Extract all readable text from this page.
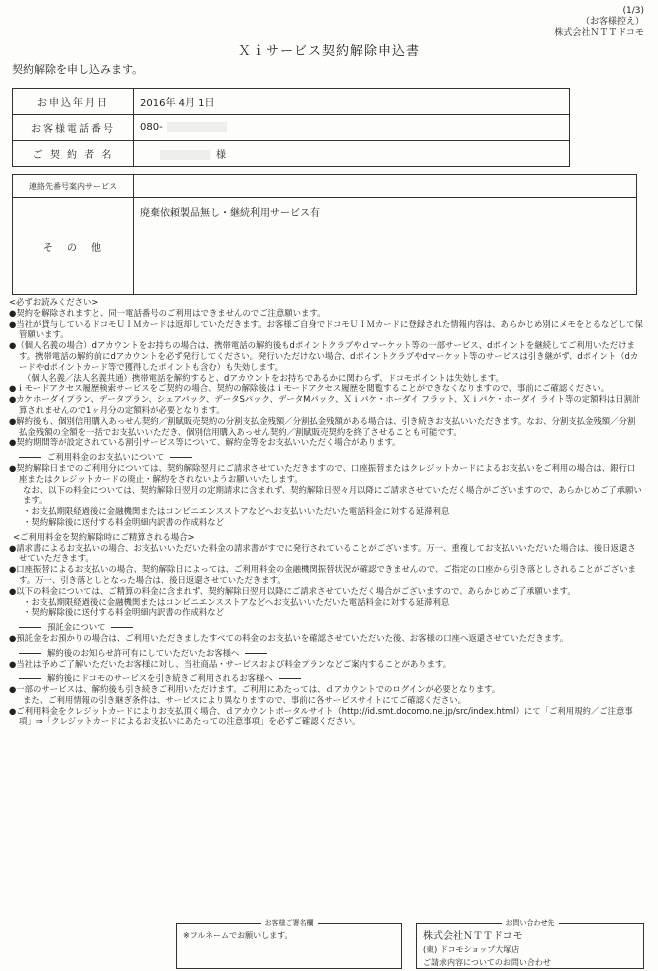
(1/3)
（お客様控え）
株式会社ＮＴＴドコモ
Ｘｉサービス契約解除申込書
契約解除を申し込みます。
お申込年月日	2016年 4月 1日
お客様電話番号	080-
ご 契 約 者 名	様
連絡先番号案内サービス	
そ　の　他	廃棄依頼製品無し・継続利用サービス有

<必ずお読みください>

●契約を解除されますと、同一電話番号のご利用はできませんのでご注意願います。

●当社が貸与しているドコモＵＩＭカードは返却していただきます。お客様ご自身でドコモＵＩＭカードに登録された情報内容は、あらかじめ別にメモをとるなどして保管願います。

●（個人名義の場合）dアカウントをお持ちの場合は、携帯電話の解約後もdポイントクラブやｄマーケット等の一部サービス、dポイントを継続してご利用いただけます。携帯電話の解約前にdアカウントを必ず発行してください。発行いただけない場合、dポイントクラブやdマーケット等のサービスは引き継がず、dポイント（dカードやdポイントカード等で獲得したポイントも含む）も失効します。

（個人名義／法人名義共通）携帯電話を解約すると、dアカウントをお持ちであるかに関わらず、ドコモポイントは失効します。

●ｉモードアクセス履歴検索サービスをご契約の場合、契約の解除後はｉモードアクセス履歴を閲覧することができなくなりますので、事前にご確認ください。

●カケホーダイプラン、データプラン、シェアパック、データSパック、データMパック、Ｘｉパケ・ホーダイ フラット、Ｘｉパケ・ホーダイ ライト等の定額料は日割計算されませんので1ヶ月分の定額料が必要となります。

●解約後も、個別信用購入あっせん契約／割賦販売契約の分割支払金残額／分割払金残額がある場合は、引き続きお支払いいただきます。なお、分割支払金残額／分割払金残額の全額を一括でお支払いいただき、個別信用購入あっせん契約／割賦販売契約を終了させることも可能です。

●契約期間等が設定されている割引サービス等について、解約金等をお支払いいただく場合があります。

ご利用料金のお支払いについて

●契約解除日までのご利用分については、契約解除翌月にご請求させていただきますので、口座振替またはクレジットカードによるお支払いをご利用の場合は、銀行口座またはクレジットカードの廃止・解約をされないようお願いいたします。

なお、以下の料金については、契約解除日翌月の定期請求に含まれず、契約解除日翌々月以降にご請求させていただく場合がございますので、あらかじめご了承願います。

・お支払期限経過後に金融機関またはコンビニエンスストアなどへお支払いいただいた電話料金に対する延滞利息

・契約解除後に送付する料金明細内訳書の作成料など

<ご利用料金を契約解除時にご精算される場合>

●請求書によるお支払いの場合、お支払いいただいた料金の請求書がすでに発行されていることがございます。万一、重複してお支払いいただいた場合は、後日返還させていただきます。

●口座振替によるお支払いの場合、契約解除日によっては、ご利用料金の金融機関振替状況が確認できませんので、ご指定の口座から引き落としされることがございます。万一、引き落としとなった場合は、後日返還させていただきます。

●以下の料金については、ご精算の料金に含まれず、契約解除日翌月以降にご請求させていただく場合がございますので、あらかじめご了承願います。

・お支払期限経過後に金融機関またはコンビニエンスストアなどへお支払いいただいた電話料金に対する延滞利息

・契約解除後に送付する料金明細内訳書の作成料など

預託金について

●預託金をお預かりの場合は、ご利用いただきましたすべての料金のお支払いを確認させていただいた後、お客様の口座へ返還させていただきます。

解約後のお知らせ許可有にしていただいたお客様へ

●当社は予めご了解いただいたお客様に対し、当社商品・サービスおよび料金プランなどご案内することがあります。

解約後にドコモのサービスを引き続きご利用されるお客様へ

●一部のサービスは、解約後も引き続きご利用いただけます。ご利用にあたっては、ｄアカウントでのログインが必要となります。

また、ご利用情報の引き継ぎ条件は、サービスにより異なりますので、事前に各サービスサイトにてご確認ください。

●ご利用料金をクレジットカードによりお支払頂く場合、ｄアカウントポータルサイト（http://id.smt.docomo.ne.jp/src/index.html）にて「ご利用規約／ご注意事項」⇒「クレジットカードによるお支払いにあたっての注意事項」を必ずご確認ください。

お客様ご署名欄
※フルネームでお願いします。
お問い合わせ先
株式会社ＮＴＴドコモ
(東) ドコモショップ大塚店
ご請求内容についてのお問い合わせ
